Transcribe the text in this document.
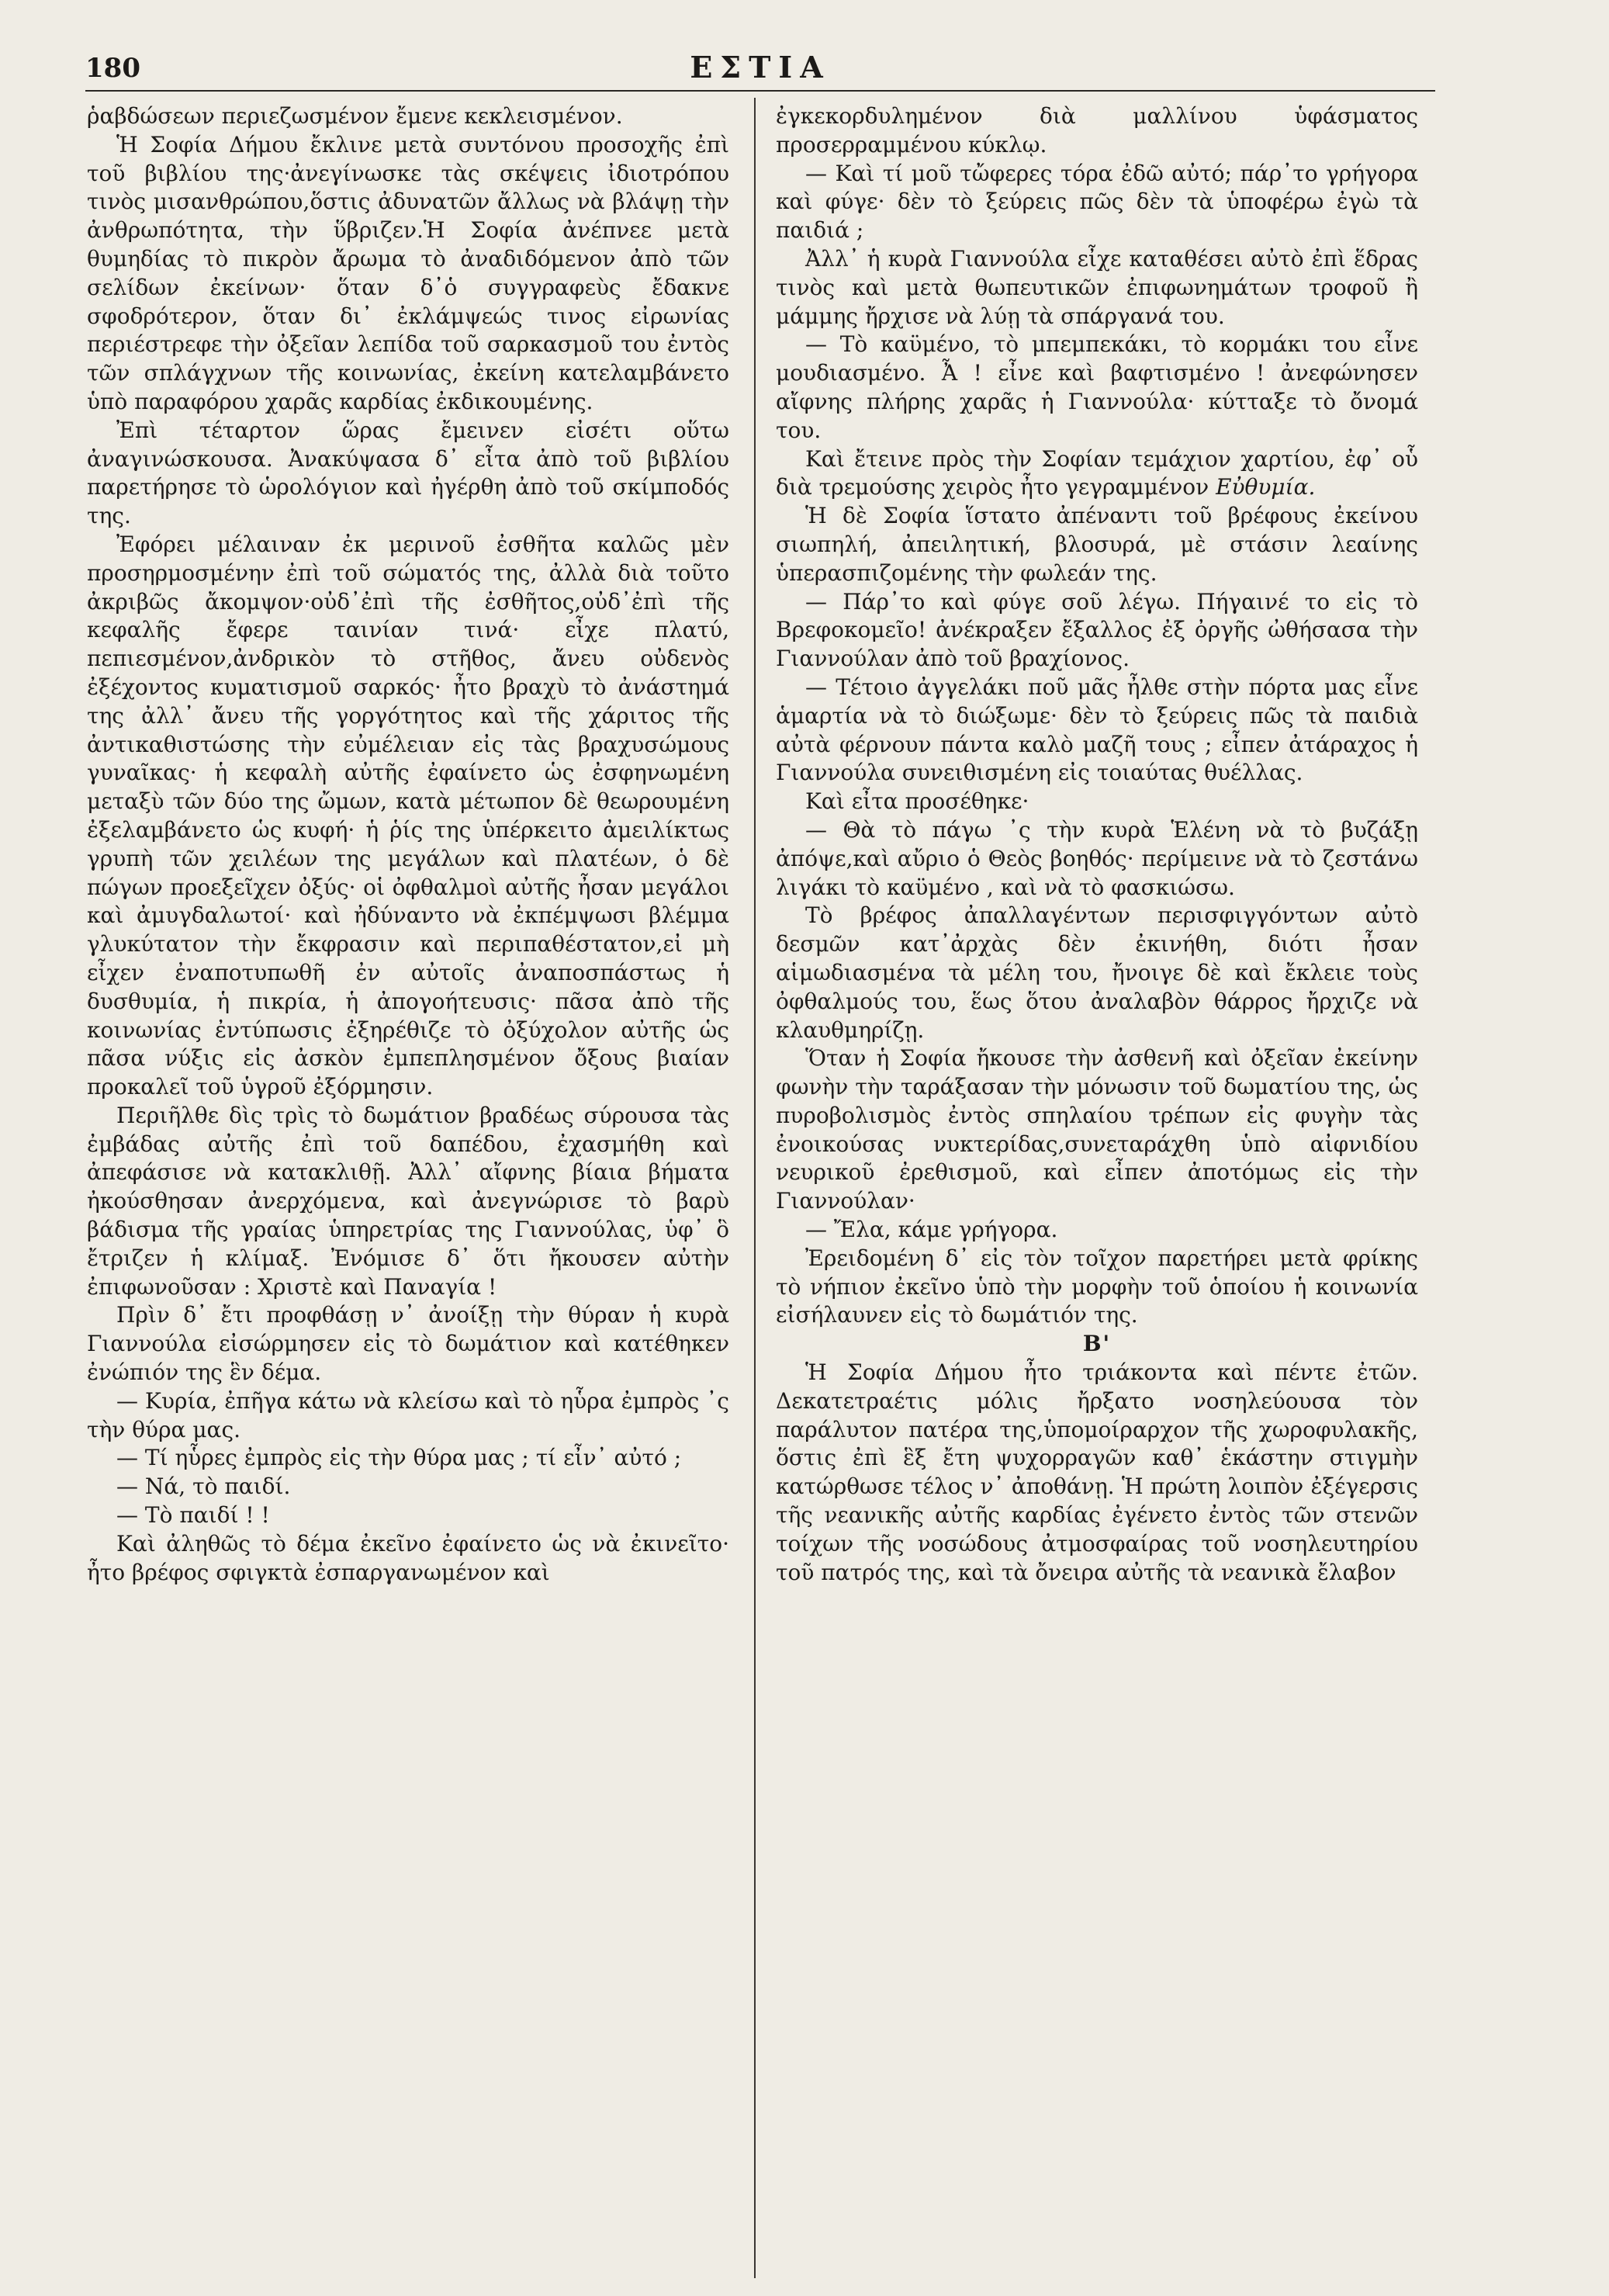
180	ΕΣΤΙΑ

ῥαβδώσεων περιεζωσμένον ἔμενε κεκλεισμένον.

Ἡ Σοφία Δήμου ἔκλινε μετὰ συντόνου προσοχῆς ἐπὶ τοῦ βιβλίου της·ἀνεγίνωσκε τὰς σκέψεις ἰδιοτρόπου τινὸς μισανθρώπου,ὅστις ἀδυνατῶν ἄλλως νὰ βλάψῃ τὴν ἀνθρωπότητα, τὴν ὕβριζεν.Ἡ Σοφία ἀνέπνεε μετὰ θυμηδίας τὸ πικρὸν ἄρωμα τὸ ἀναδιδόμενον ἀπὸ τῶν σελίδων ἐκείνων· ὅταν δ᾽ὁ συγγραφεὺς ἔδακνε σφοδρότερον, ὅταν δι᾽ ἐκλάμψεώς τινος εἰρωνίας περιέστρεφε τὴν ὀξεῖαν λεπίδα τοῦ σαρκασμοῦ του ἐντὸς τῶν σπλάγχνων τῆς κοινωνίας, ἐκείνη κατελαμβάνετο ὑπὸ παραφόρου χαρᾶς καρδίας ἐκδικουμένης.

Ἐπὶ τέταρτον ὥρας ἔμεινεν εἰσέτι οὕτω ἀναγινώσκουσα. Ἀνακύψασα δ᾽ εἶτα ἀπὸ τοῦ βιβλίου παρετήρησε τὸ ὡρολόγιον καὶ ἠγέρθη ἀπὸ τοῦ σκίμποδός της.

Ἐφόρει μέλαιναν ἐκ μερινοῦ ἐσθῆτα καλῶς μὲν προσηρμοσμένην ἐπὶ τοῦ σώματός της, ἀλλὰ διὰ τοῦτο ἀκριβῶς ἄκομψον·οὐδ᾽ἐπὶ τῆς ἐσθῆτος,οὐδ᾽ἐπὶ τῆς κεφαλῆς ἔφερε ταινίαν τινά· εἶχε πλατύ, πεπιεσμένον,ἀνδρικὸν τὸ στῆθος, ἄνευ οὐδενὸς ἐξέχοντος κυματισμοῦ σαρκός· ἦτο βραχὺ τὸ ἀνάστημά της ἀλλ᾽ ἄνευ τῆς γοργότητος καὶ τῆς χάριτος τῆς ἀντικαθιστώσης τὴν εὐμέλειαν εἰς τὰς βραχυσώμους γυναῖκας· ἡ κεφαλὴ αὐτῆς ἐφαίνετο ὡς ἐσφηνωμένη μεταξὺ τῶν δύο της ὤμων, κατὰ μέτωπον δὲ θεωρουμένη ἐξελαμβάνετο ὡς κυφή· ἡ ῥίς της ὑπέρκειτο ἀμειλίκτως γρυπὴ τῶν χειλέων της μεγάλων καὶ πλατέων, ὁ δὲ πώγων προεξεῖχεν ὀξύς· οἱ ὀφθαλμοὶ αὐτῆς ἦσαν μεγάλοι καὶ ἀμυγδαλωτοί· καὶ ἠδύναντο νὰ ἐκπέμψωσι βλέμμα γλυκύτατον τὴν ἔκφρασιν καὶ περιπαθέστατον,εἰ μὴ εἶχεν ἐναποτυπωθῆ ἐν αὐτοῖς ἀναποσπάστως ἡ δυσθυμία, ἡ πικρία, ἡ ἀπογοήτευσις· πᾶσα ἀπὸ τῆς κοινωνίας ἐντύπωσις ἐξηρέθιζε τὸ ὀξύχολον αὐτῆς ὡς πᾶσα νύξις εἰς ἀσκὸν ἐμπεπλησμένον ὄξους βιαίαν προκαλεῖ τοῦ ὑγροῦ ἐξόρμησιν.

Περιῆλθε δὶς τρὶς τὸ δωμάτιον βραδέως σύρουσα τὰς ἐμβάδας αὐτῆς ἐπὶ τοῦ δαπέδου, ἐχασμήθη καὶ ἀπεφάσισε νὰ κατακλιθῇ. Ἀλλ᾽ αἴφνης βίαια βήματα ἠκούσθησαν ἀνερχόμενα, καὶ ἀνεγνώρισε τὸ βαρὺ βάδισμα τῆς γραίας ὑπηρετρίας της Γιαννούλας, ὑφ᾽ ὃ ἔτριζεν ἡ κλίμαξ. Ἐνόμισε δ᾽ ὅτι ἤκουσεν αὐτὴν ἐπιφωνοῦσαν : Χριστὲ καὶ Παναγία !

Πρὶν δ᾽ ἔτι προφθάσῃ ν᾽ ἀνοίξῃ τὴν θύραν ἡ κυρὰ Γιαννούλα εἰσώρμησεν εἰς τὸ δωμάτιον καὶ κατέθηκεν ἐνώπιόν της ἓν δέμα.

— Κυρία, ἐπῆγα κάτω νὰ κλείσω καὶ τὸ ηὗρα ἐμπρὸς ᾽ς τὴν θύρα μας.

— Τί ηὗρες ἐμπρὸς εἰς τὴν θύρα μας ; τί εἶν᾽ αὐτό ;

— Νά, τὸ παιδί.

— Τὸ παιδί ! !

Καὶ ἀληθῶς τὸ δέμα ἐκεῖνο ἐφαίνετο ὡς νὰ ἐκινεῖτο· ἦτο βρέφος σφιγκτὰ ἐσπαργανωμένον καὶ

ἐγκεκορδυλημένον διὰ μαλλίνου ὑφάσματος προσερραμμένου κύκλῳ.

— Καὶ τί μοῦ τὤφερες τόρα ἐδῶ αὐτό; πάρ᾽το γρήγορα καὶ φύγε· δὲν τὸ ξεύρεις πῶς δὲν τὰ ὑποφέρω ἐγὼ τὰ παιδιά ;

Ἀλλ᾽ ἡ κυρὰ Γιαννούλα εἶχε καταθέσει αὐτὸ ἐπὶ ἕδρας τινὸς καὶ μετὰ θωπευτικῶν ἐπιφωνημάτων τροφοῦ ἢ μάμμης ἤρχισε νὰ λύῃ τὰ σπάργανά του.

— Τὸ καϋμένο, τὸ μπεμπεκάκι, τὸ κορμάκι του εἶνε μουδιασμένο. Ἆ ! εἶνε καὶ βαφτισμένο ! ἀνεφώνησεν αἴφνης πλήρης χαρᾶς ἡ Γιαννούλα· κύτταξε τὸ ὄνομά του.

Καὶ ἔτεινε πρὸς τὴν Σοφίαν τεμάχιον χαρτίου, ἐφ᾽ οὗ διὰ τρεμούσης χειρὸς ἦτο γεγραμμένον Εὐθυμία.

Ἡ δὲ Σοφία ἵστατο ἀπέναντι τοῦ βρέφους ἐκείνου σιωπηλή, ἀπειλητική, βλοσυρά, μὲ στάσιν λεαίνης ὑπερασπιζομένης τὴν φωλεάν της.

— Πάρ᾽το καὶ φύγε σοῦ λέγω. Πήγαινέ το εἰς τὸ Βρεφοκομεῖο! ἀνέκραξεν ἔξαλλος ἐξ ὀργῆς ὠθήσασα τὴν Γιαννούλαν ἀπὸ τοῦ βραχίονος.

— Τέτοιο ἀγγελάκι ποῦ μᾶς ἦλθε στὴν πόρτα μας εἶνε ἁμαρτία νὰ τὸ διώξωμε· δὲν τὸ ξεύρεις πῶς τὰ παιδιὰ αὐτὰ φέρνουν πάντα καλὸ μαζῆ τους ; εἶπεν ἀτάραχος ἡ Γιαννούλα συνειθισμένη εἰς τοιαύτας θυέλλας.

Καὶ εἶτα προσέθηκε·

— Θὰ τὸ πάγω ᾽ς τὴν κυρὰ Ἑλένη νὰ τὸ βυζάξῃ ἀπόψε,καὶ αὔριο ὁ Θεὸς βοηθός· περίμεινε νὰ τὸ ζεστάνω λιγάκι τὸ καϋμένο , καὶ νὰ τὸ φασκιώσω.

Τὸ βρέφος ἀπαλλαγέντων περισφιγγόντων αὐτὸ δεσμῶν κατ᾽ἀρχὰς δὲν ἐκινήθη, διότι ἦσαν αἱμωδιασμένα τὰ μέλη του, ἤνοιγε δὲ καὶ ἔκλειε τοὺς ὀφθαλμούς του, ἕως ὅτου ἀναλαβὸν θάρρος ἤρχιζε νὰ κλαυθμηρίζῃ.

Ὅταν ἡ Σοφία ἤκουσε τὴν ἀσθενῆ καὶ ὀξεῖαν ἐκείνην φωνὴν τὴν ταράξασαν τὴν μόνωσιν τοῦ δωματίου της, ὡς πυροβολισμὸς ἐντὸς σπηλαίου τρέπων εἰς φυγὴν τὰς ἐνοικούσας νυκτερίδας,συνεταράχθη ὑπὸ αἰφνιδίου νευρικοῦ ἐρεθισμοῦ, καὶ εἶπεν ἀποτόμως εἰς τὴν Γιαννούλαν·

— Ἔλα, κάμε γρήγορα.

Ἐρειδομένη δ᾽ εἰς τὸν τοῖχον παρετήρει μετὰ φρίκης τὸ νήπιον ἐκεῖνο ὑπὸ τὴν μορφὴν τοῦ ὁποίου ἡ κοινωνία εἰσήλαυνεν εἰς τὸ δωμάτιόν της.

Β'

Ἡ Σοφία Δήμου ἦτο τριάκοντα καὶ πέντε ἐτῶν. Δεκατετραέτις μόλις ἤρξατο νοσηλεύουσα τὸν παράλυτον πατέρα της,ὑπομοίραρχον τῆς χωροφυλακῆς, ὅστις ἐπὶ ἓξ ἔτη ψυχορραγῶν καθ᾽ ἑκάστην στιγμὴν κατώρθωσε τέλος ν᾽ ἀποθάνῃ. Ἡ πρώτη λοιπὸν ἐξέγερσις τῆς νεανικῆς αὐτῆς καρδίας ἐγένετο ἐντὸς τῶν στενῶν τοίχων τῆς νοσώδους ἀτμοσφαίρας τοῦ νοσηλευτηρίου τοῦ πατρός της, καὶ τὰ ὄνειρα αὐτῆς τὰ νεανικὰ ἔλαβον
